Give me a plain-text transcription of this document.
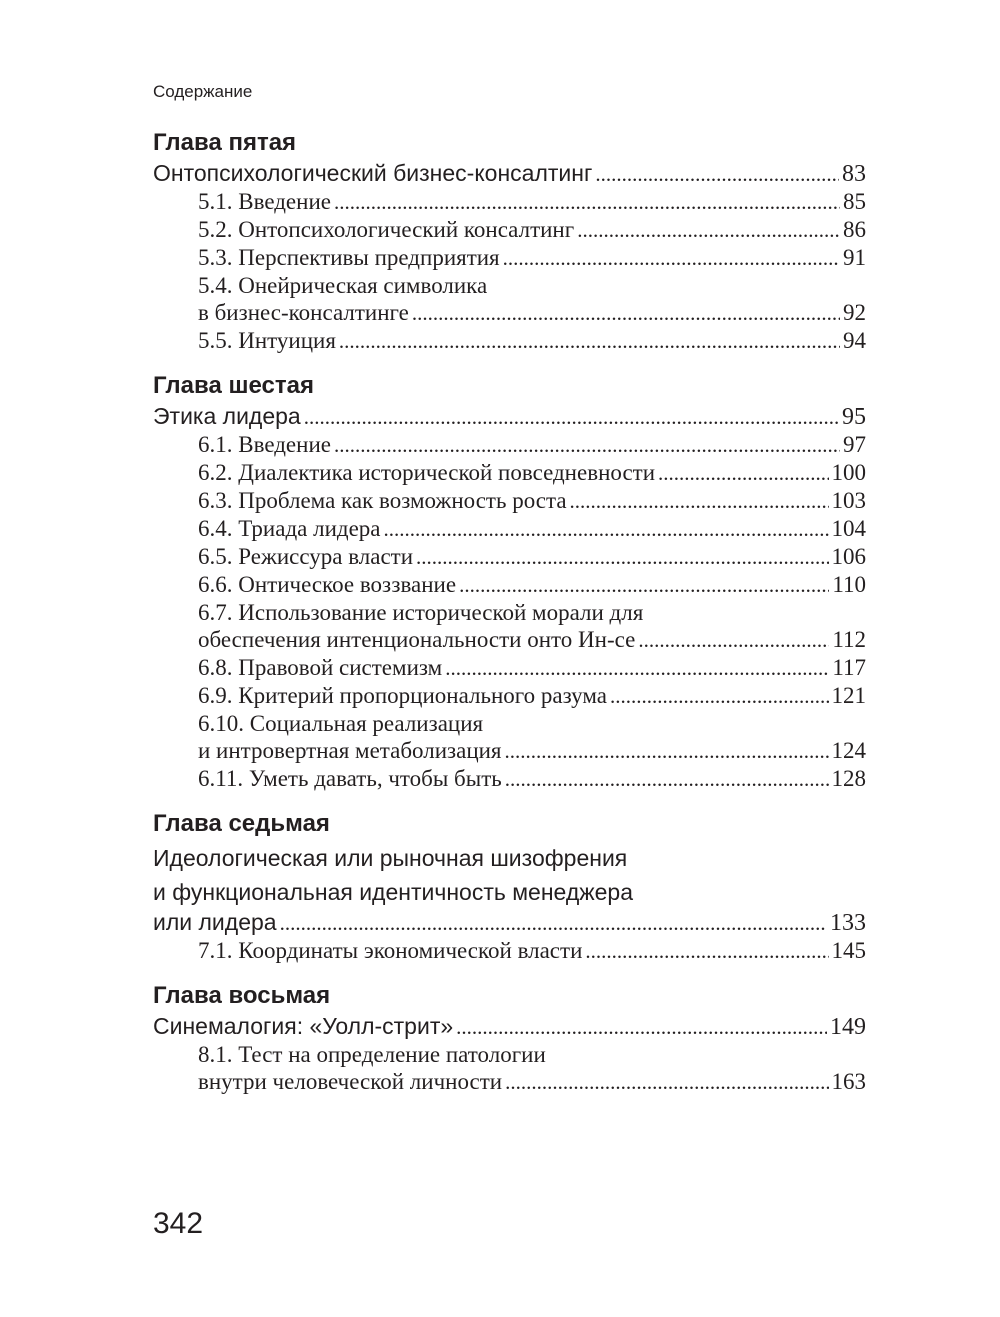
Содержание
Глава пятая
Онтопсихологический бизнес-консалтинг .....	83
5.1. Введение .....	85
5.2. Онтопсихологический консалтинг .....	86
5.3. Перспективы предприятия .....	91
5.4. Онейрическая символика
в бизнес-консалтинге .....	92
5.5. Интуиция .....	94
Глава шестая
Этика лидера .....	95
6.1. Введение .....	97
6.2. Диалектика исторической повседневности .....	100
6.3. Проблема как возможность роста .....	103
6.4. Триада лидера .....	104
6.5. Режиссура власти .....	106
6.6. Онтическое воззвание .....	110
6.7. Использование исторической морали для
обеспечения интенциональности онто Ин-се .....	112
6.8. Правовой системизм .....	117
6.9. Критерий пропорционального разума .....	121
6.10. Социальная реализация
и интровертная метаболизация .....	124
6.11. Уметь давать, чтобы быть .....	128
Глава седьмая
Идеологическая или рыночная шизофрения
и функциональная идентичность менеджера
или лидера .....	133
7.1. Координаты экономической власти .....	145
Глава восьмая
Синемалогия: «Уолл-стрит» .....	149
8.1. Тест на определение патологии
внутри человеческой личности .....	163
342
